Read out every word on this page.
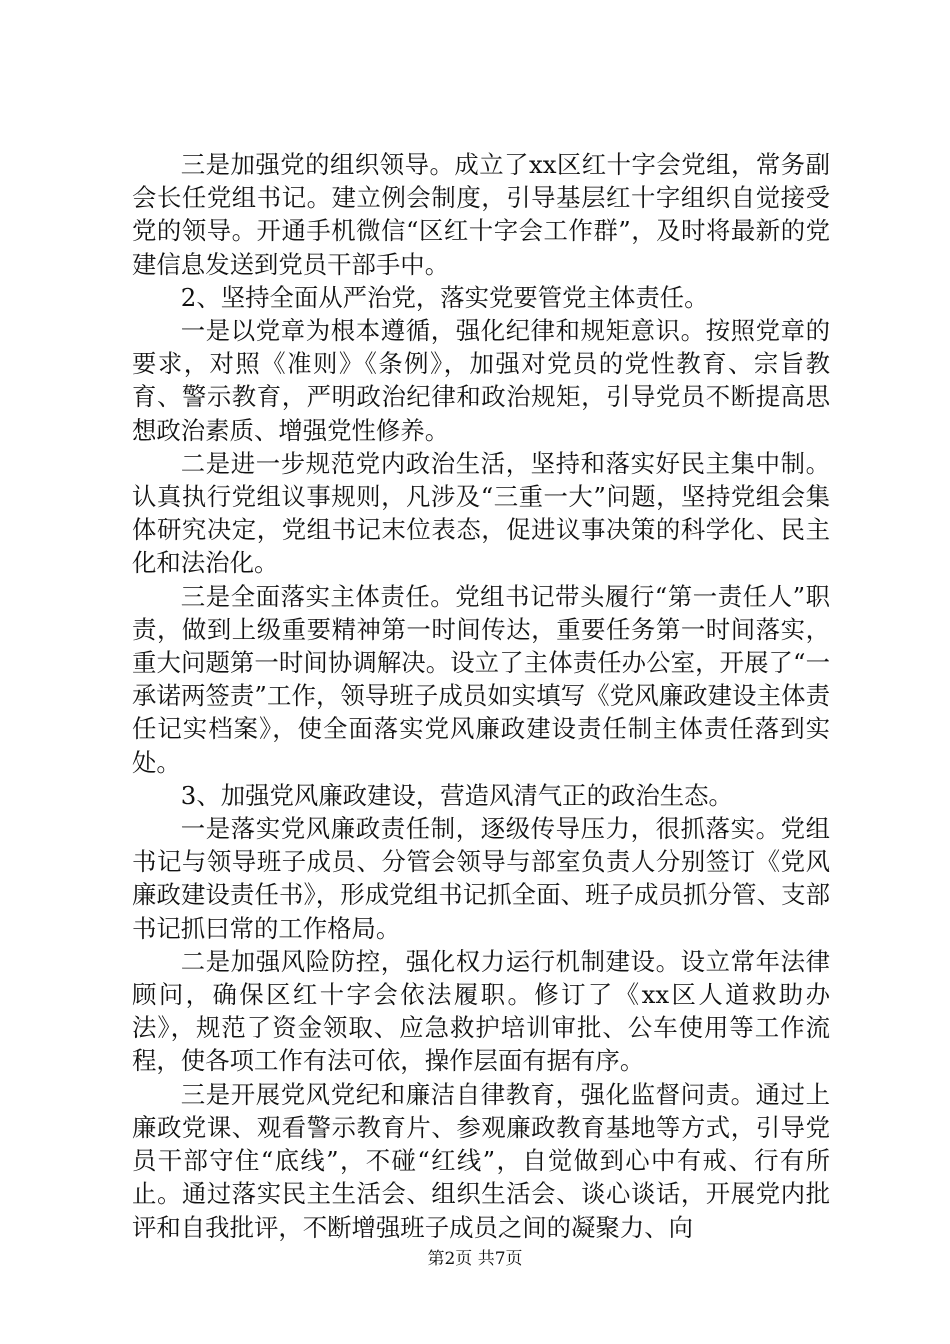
三是加强党的组织领导。成立了xx区红十字会党组，常务副会长任党组书记。建立例会制度，引导基层红十字组织自觉接受党的领导。开通手机微信“区红十字会工作群”，及时将最新的党建信息发送到党员干部手中。

2、坚持全面从严治党，落实党要管党主体责任。

一是以党章为根本遵循，强化纪律和规矩意识。按照党章的要求，对照《准则》《条例》，加强对党员的党性教育、宗旨教育、警示教育，严明政治纪律和政治规矩，引导党员不断提高思想政治素质、增强党性修养。

二是进一步规范党内政治生活，坚持和落实好民主集中制。认真执行党组议事规则，凡涉及“三重一大”问题，坚持党组会集体研究决定，党组书记末位表态，促进议事决策的科学化、民主化和法治化。

三是全面落实主体责任。党组书记带头履行“第一责任人”职责，做到上级重要精神第一时间传达，重要任务第一时间落实，重大问题第一时间协调解决。设立了主体责任办公室，开展了“一承诺两签责”工作，领导班子成员如实填写《党风廉政建设主体责任记实档案》，使全面落实党风廉政建设责任制主体责任落到实处。

3、加强党风廉政建设，营造风清气正的政治生态。

一是落实党风廉政责任制，逐级传导压力，很抓落实。党组书记与领导班子成员、分管会领导与部室负责人分别签订《党风廉政建设责任书》，形成党组书记抓全面、班子成员抓分管、支部书记抓曰常的工作格局。

二是加强风险防控，强化权力运行机制建设。设立常年法律顾问，确保区红十字会依法履职。修订了《xx区人道救助办法》，规范了资金领取、应急救护培训审批、公车使用等工作流程，使各项工作有法可依，操作层面有据有序。

三是开展党风党纪和廉洁自律教育，强化监督问责。通过上廉政党课、观看警示教育片、参观廉政教育基地等方式，引导党员干部守住“底线”，不碰“红线”，自觉做到心中有戒、行有所止。通过落实民主生活会、组织生活会、谈心谈话，开展党内批评和自我批评，不断增强班子成员之间的凝聚力、向

第2页 共7页
